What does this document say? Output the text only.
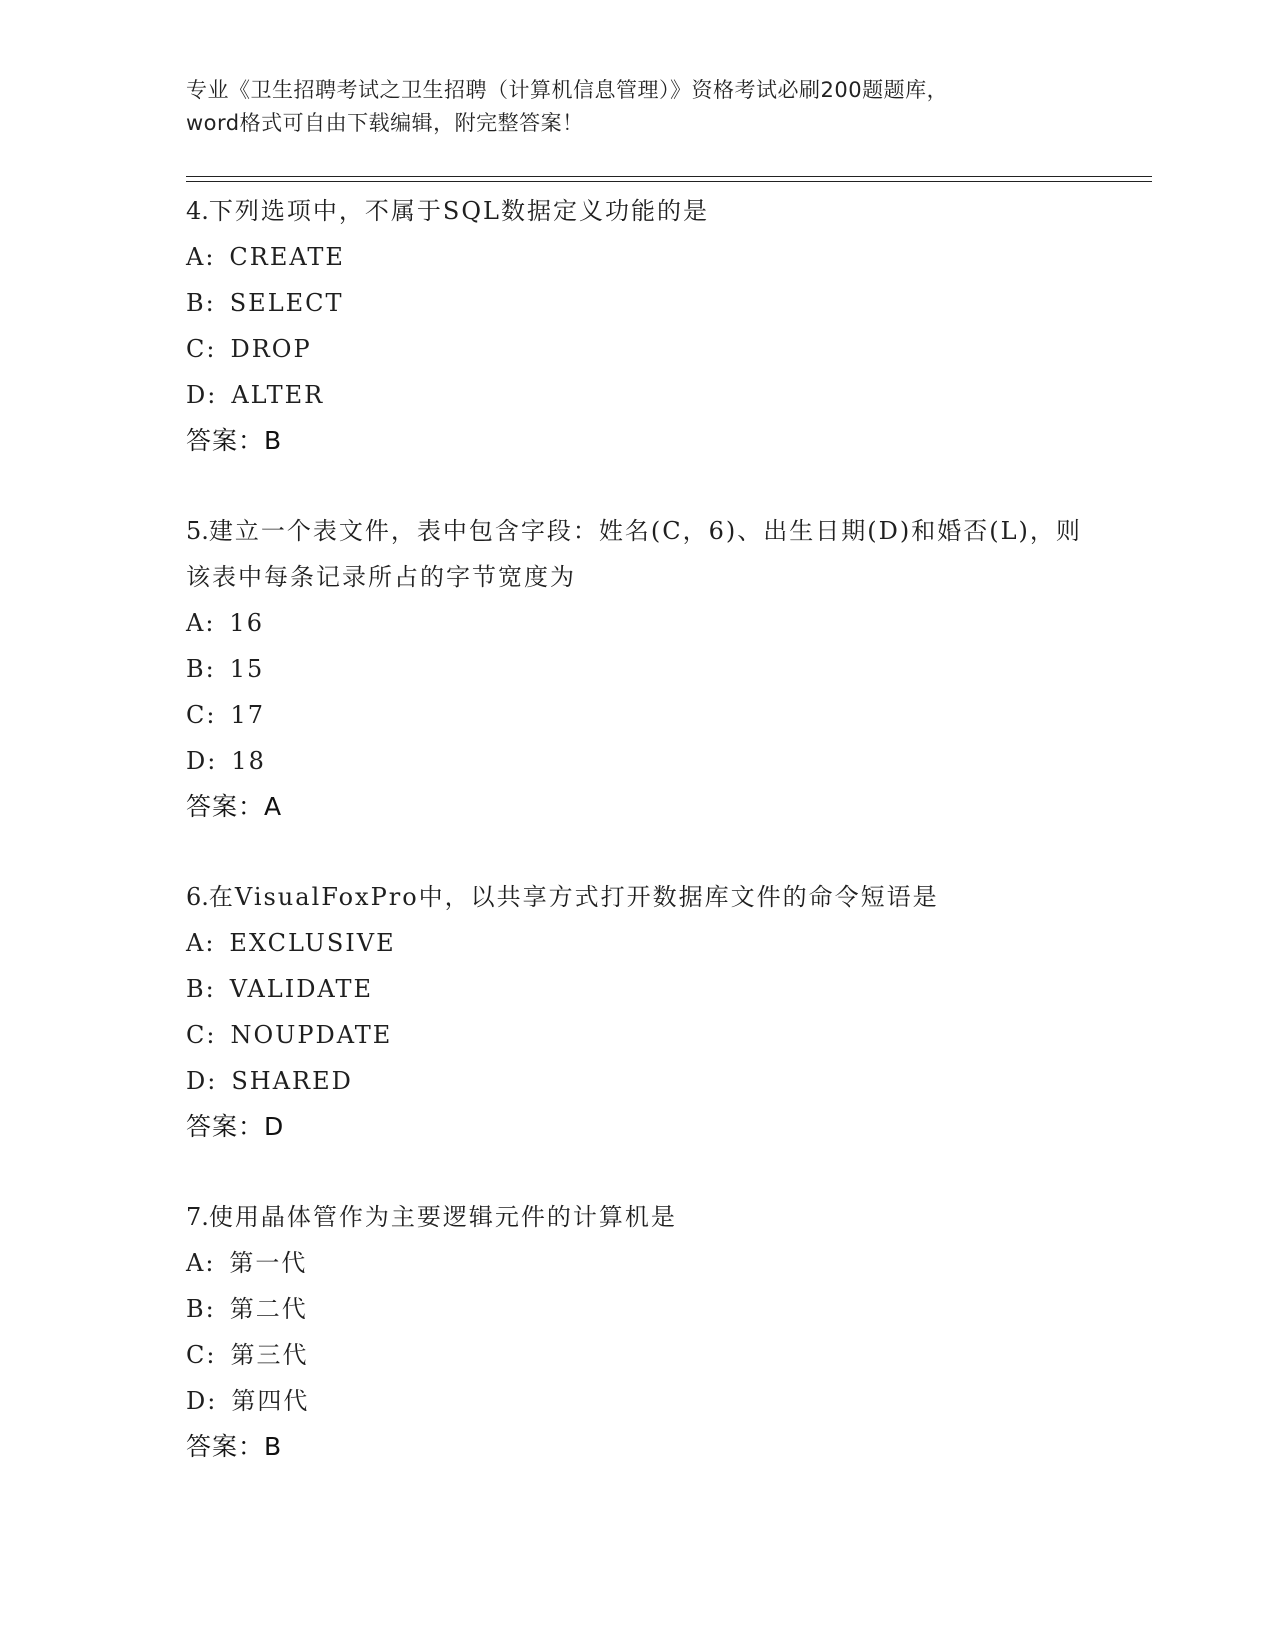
专业《卫生招聘考试之卫生招聘（计算机信息管理）》资格考试必刷200题题库，
word格式可自由下载编辑，附完整答案！
4.下列选项中，不属于SQL数据定义功能的是
A: CREATE
B: SELECT
C: DROP
D: ALTER
答案：B
5.建立一个表文件，表中包含字段：姓名(C，6)、出生日期(D)和婚否(L)，则该表中每条记录所占的字节宽度为
A: 16
B: 15
C: 17
D: 18
答案：A
6.在VisualFoxPro中，以共享方式打开数据库文件的命令短语是
A: EXCLUSIVE
B: VALIDATE
C: NOUPDATE
D: SHARED
答案：D
7.使用晶体管作为主要逻辑元件的计算机是
A: 第一代
B: 第二代
C: 第三代
D: 第四代
答案：B
